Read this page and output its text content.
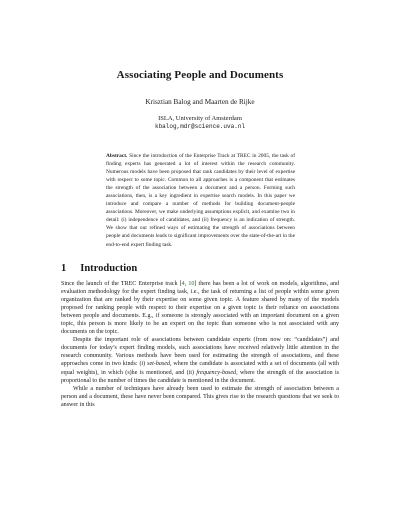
Associating People and Documents
Krisztian Balog and Maarten de Rijke
ISLA, University of Amsterdam
kbalog,mdr@science.uva.nl
Abstract. Since the introduction of the Enterprise Track at TREC in 2005, the task of finding experts has generated a lot of interest within the research community. Numerous models have been proposed that rank candidates by their level of expertise with respect to some topic. Common to all approaches is a component that estimates the strength of the association between a document and a person. Forming such associations, then, is a key ingredient in expertise search models. In this paper we introduce and compare a number of methods for building document-people associations. Moreover, we make underlying assumptions explicit, and examine two in detail: (i) independence of candidates, and (ii) frequency is an indication of strength. We show that our refined ways of estimating the strength of associations between people and documents leads to significant improvements over the state-of-the-art in the end-to-end expert finding task.
1 Introduction

Since the launch of the TREC Enterprise track [4, 10] there has been a lot of work on models, algorithms, and evaluation methodology for the expert finding task, i.e., the task of returning a list of people within some given organization that are ranked by their expertise on some given topic. A feature shared by many of the models proposed for ranking people with respect to their expertise on a given topic is their reliance on associations between people and documents. E.g., if someone is strongly associated with an important document on a given topic, this person is more likely to be an expert on the topic than someone who is not associated with any documents on the topic.

Despite the important role of associations between candidate experts (from now on: “candidates”) and documents for today’s expert finding models, such associations have received relatively little attention in the research community. Various methods have been used for estimating the strength of associations, and these approaches come in two kinds: (i) set-based, where the candidate is associated with a set of documents (all with equal weights), in which (s)he is mentioned, and (ii) frequency-based, where the strength of the association is proportional to the number of times the candidate is mentioned in the document.

While a number of techniques have already been used to estimate the strength of association between a person and a document, these have never been compared. This gives rise to the research questions that we seek to answer in this
